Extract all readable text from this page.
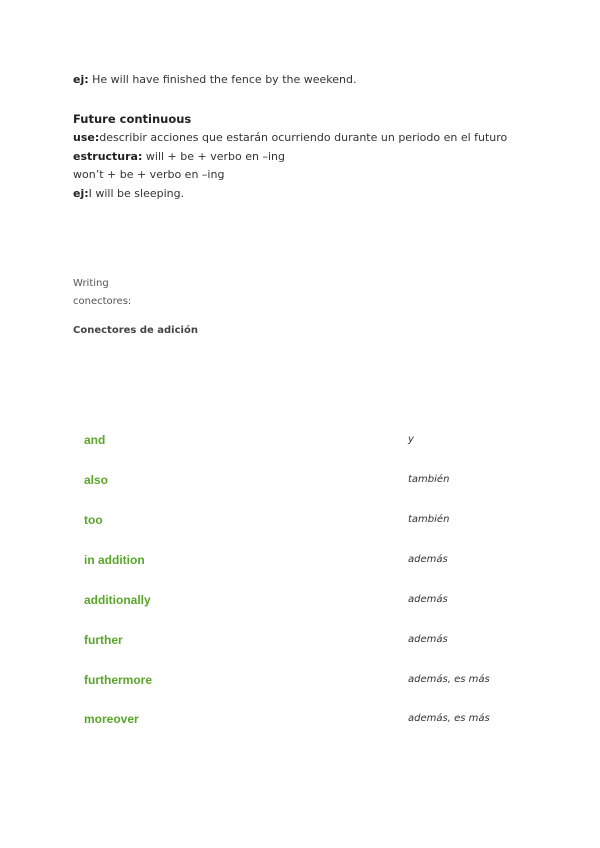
ej: He will have finished the fence by the weekend.
Future continuous
use:describir acciones que estarán ocurriendo durante un periodo en el futuro
estructura: will + be + verbo en –ing
won’t + be + verbo en –ing
ej:I will be sleeping.
Writing
conectores:
Conectores de adición
and	y
also	también
too	también
in addition	además
additionally	además
further	además
furthermore	además, es más
moreover	además, es más
